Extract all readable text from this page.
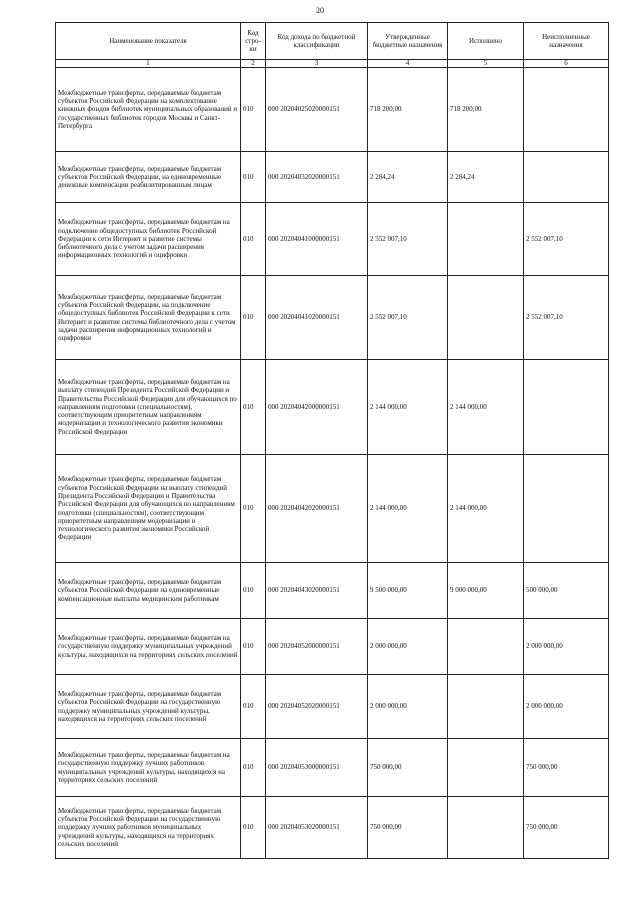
20
Наименование показателя	Код стро-ки	Код дохода по бюджетной классификации	Утвержденные бюджетные назначения	Исполнено	Неисполненные назначения
1	2	3	4	5	6
Межбюджетные трансферты, передаваемые бюджетам субъектов Российской Федерации на комплектование книжных фондов библиотек муниципальных образований и государственных библиотек городов Москвы и Санкт-Петербурга	010	000 20204025020000151	718 200,00	718 200,00	
Межбюджетные трансферты, передаваемые бюджетам субъектов Российской Федерации, на единовременные денежные компенсации реабилитированным лицам	010	000 20204032020000151	2 284,24	2 284,24	
Межбюджетные трансферты, передаваемые бюджетам на подключение общедоступных библиотек Российской Федерации к сети Интернет и развитие системы библиотечного дела с учетом задачи расширения информационных технологий и оцифровки	010	000 20204041000000151	2 552 007,10		2 552 007,10
Межбюджетные трансферты, передаваемые бюджетам субъектов Российской Федерации, на подключение общедоступных библиотек Российской Федерации к сети Интернет и развитие системы библиотечного дела с учетом задачи расширения информационных технологий и оцифровки	010	000 20204041020000151	2 552 007,10		2 552 007,10
Межбюджетные трансферты, передаваемые бюджетам на выплату стипендий Президента Российской Федерации и Правительства Российской Федерации для обучающихся по направлениям подготовки (специальностям), соответствующим приоритетным направлениям модернизации и технологического развития экономики Российской Федерации	010	000 20204042000000151	2 144 000,00	2 144 000,00	
Межбюджетные трансферты, передаваемые бюджетам субъектов Российской Федерации на выплату стипендий Президента Российской Федерации и Правительства Российской Федерации для обучающихся по направлениям подготовки (специальностям), соответствующим приоритетным направлениям модернизации и технологического развития экономики Российской Федерации	010	000 20204042020000151	2 144 000,00	2 144 000,00	
Межбюджетные трансферты, передаваемые бюджетам субъектов Российской Федерации на единовременные компенсационные выплаты медицинским работникам	010	000 20204043020000151	9 500 000,00	9 000 000,00	500 000,00
Межбюджетные трансферты, передаваемые бюджетам на государственную поддержку муниципальных учреждений культуры, находящихся на территориях сельских поселений	010	000 20204052000000151	2 000 000,00		2 000 000,00
Межбюджетные трансферты, передаваемые бюджетам субъектов Российской Федерации на государственную поддержку муниципальных учреждений культуры, находящихся на территориях сельских поселений	010	000 20204052020000151	2 000 000,00		2 000 000,00
Межбюджетные трансферты, передаваемые бюджетам на государственную поддержку лучших работников муниципальных учреждений культуры, находящихся на территориях сельских поселений	010	000 20204053000000151	750 000,00		750 000,00
Межбюджетные трансферты, передаваемые бюджетам субъектов Российской Федерации на государственную поддержку лучших работников муниципальных учреждений культуры, находящихся на территориях сельских поселений	010	000 20204053020000151	750 000,00		750 000,00
